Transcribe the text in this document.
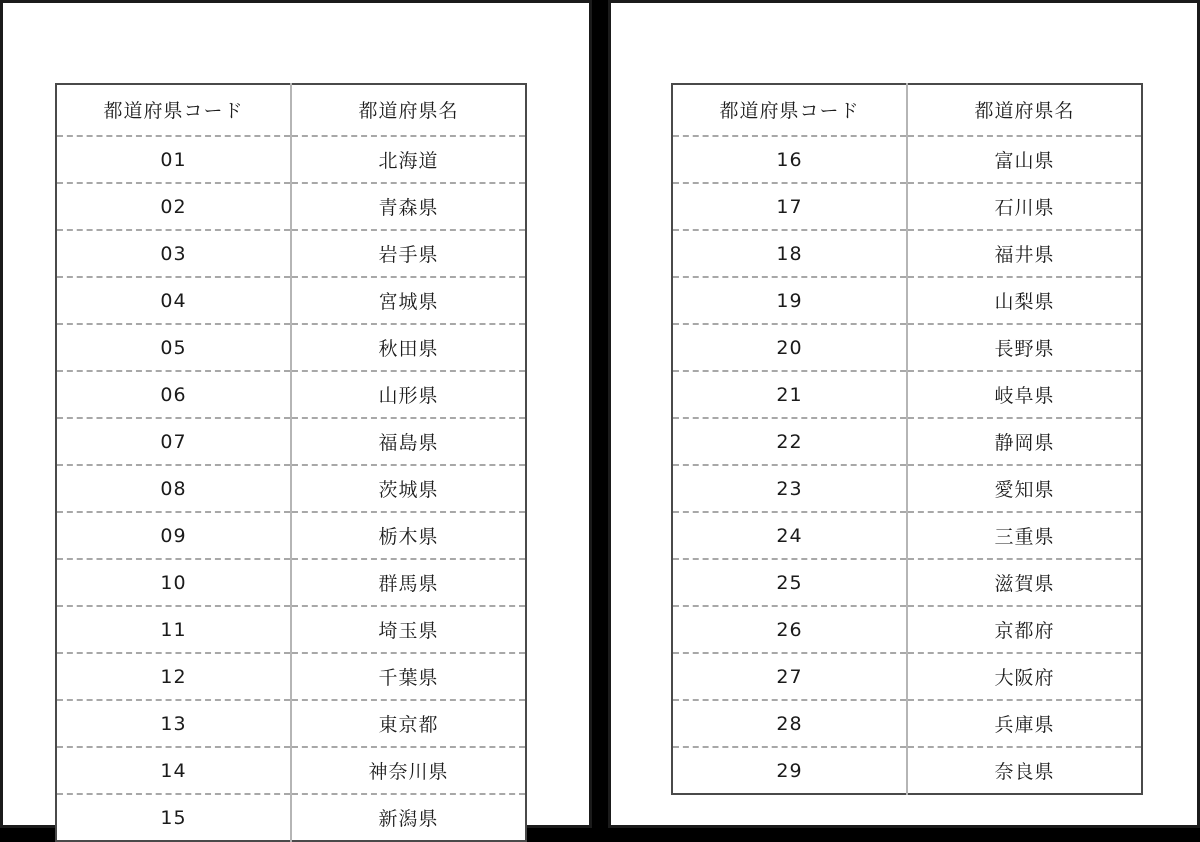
都道府県コード	都道府県名
01	北海道
02	青森県
03	岩手県
04	宮城県
05	秋田県
06	山形県
07	福島県
08	茨城県
09	栃木県
10	群馬県
11	埼玉県
12	千葉県
13	東京都
14	神奈川県
15	新潟県
都道府県コード	都道府県名
16	富山県
17	石川県
18	福井県
19	山梨県
20	長野県
21	岐阜県
22	静岡県
23	愛知県
24	三重県
25	滋賀県
26	京都府
27	大阪府
28	兵庫県
29	奈良県
